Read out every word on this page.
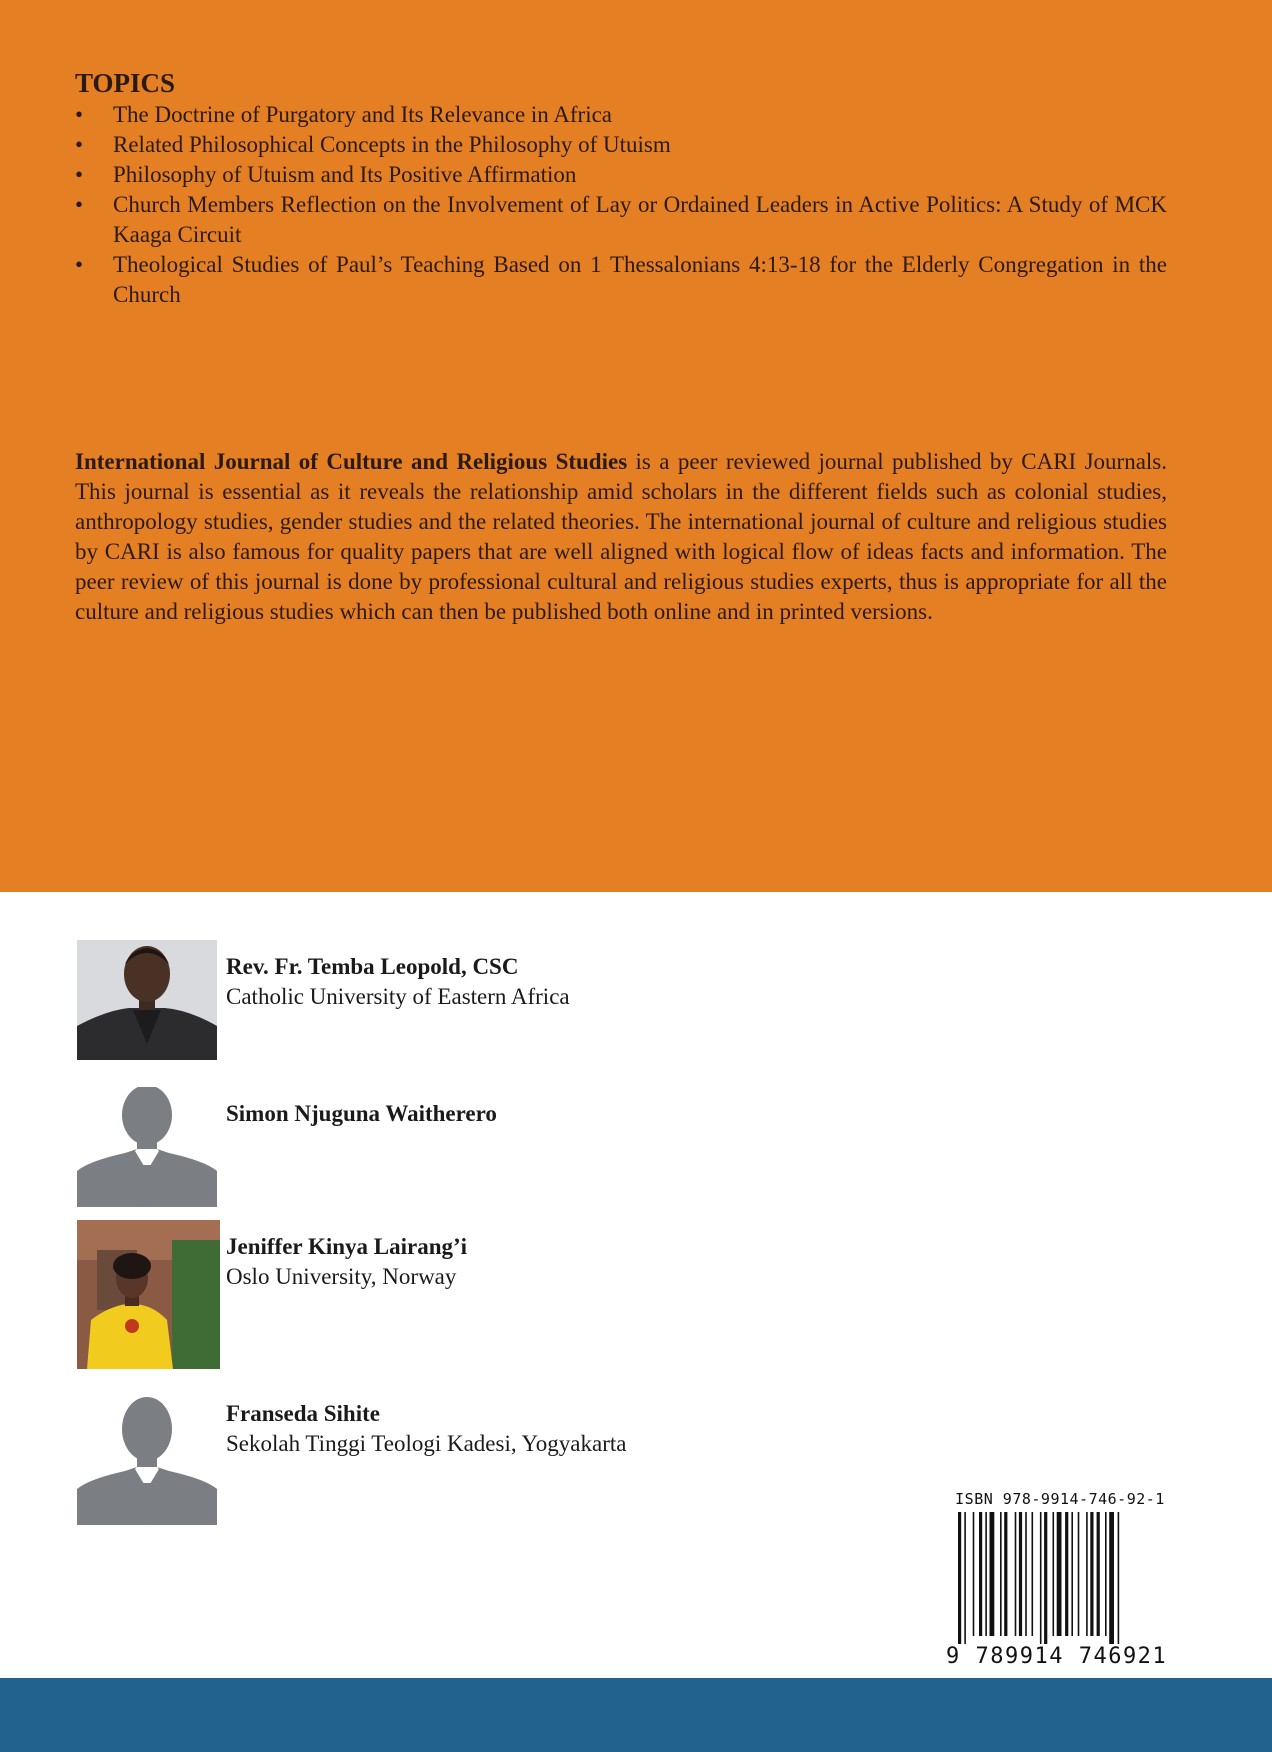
TOPICS
• The Doctrine of Purgatory and Its Relevance in Africa
• Related Philosophical Concepts in the Philosophy of Utuism
• Philosophy of Utuism and Its Positive Affirmation
• Church Members Reflection on the Involvement of Lay or Ordained Leaders in Active Politics: A Study of MCK Kaaga Circuit
• Theological Studies of Paul’s Teaching Based on 1 Thessalonians 4:13-18 for the Elderly Congregation in the Church

International Journal of Culture and Religious Studies is a peer reviewed journal published by CARI Journals. This journal is essential as it reveals the relationship amid scholars in the different fields such as colonial studies, anthropology studies, gender studies and the related theories. The international journal of culture and religious studies by CARI is also famous for quality papers that are well aligned with logical flow of ideas facts and information. The peer review of this journal is done by professional cultural and religious studies experts, thus is appropriate for all the culture and religious studies which can then be published both online and in printed versions.

Rev. Fr. Temba Leopold, CSC
Catholic University of Eastern Africa
Simon Njuguna Waitherero
Jeniffer Kinya Lairang’i
Oslo University, Norway
Franseda Sihite
Sekolah Tinggi Teologi Kadesi, Yogyakarta
ISBN 978-9914-746-92-1
9 789914 746921
